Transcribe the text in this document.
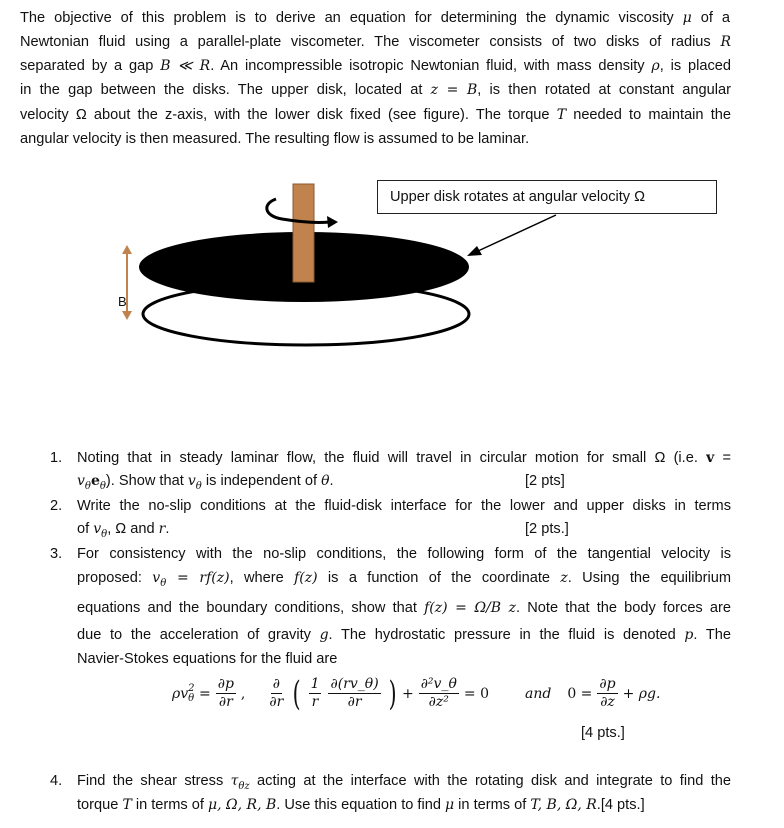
The objective of this problem is to derive an equation for determining the dynamic viscosity μ of a
Newtonian fluid using a parallel-plate viscometer. The viscometer consists of two disks of radius R
separated by a gap B ≪ R. An incompressible isotropic Newtonian fluid, with mass density ρ, is placed
in the gap between the disks. The upper disk, located at z = B, is then rotated at constant angular
velocity Ω about the z-axis, with the lower disk fixed (see figure). The torque T needed to maintain the
angular velocity is then measured. The resulting flow is assumed to be laminar.
Upper disk rotates at angular velocity Ω
B
1. Noting that in steady laminar flow, the fluid will travel in circular motion for small Ω (i.e. v =
$v_\theta e_\theta$). Show that $v_\theta$ is independent of θ.	[2 pts]
2. Write the no-slip conditions at the fluid-disk interface for the lower and upper disks in terms
of $v_\theta$, Ω and r.	[2 pts.]
3. For consistency with the no-slip conditions, the following form of the tangential velocity is
proposed: $v_\theta = rf(z)$, where f(z) is a function of the coordinate z. Using the equilibrium
equations and the boundary conditions, show that f(z) = Ω/B z. Note that the body forces are
due to the acceleration of gravity g. The hydrostatic pressure in the fluid is denoted p. The
Navier-Stokes equations for the fluid are
ρv 2
$\theta = \frac{\partial p}{\partial r}$ , $\frac{\partial}{\partial r}$ ( $\frac{1}{r} \frac{\partial(rv\_\theta)}{\partial r}$ ) + $\frac{\text{∂²v\_θ}}{\text{∂z²}} = 0$	and $0 = \frac{\partial p}{\partial z} + \rho g$.
[4 pts.]
4. Find the shear stress $\tau_{\theta z}$ acting at the interface with the rotating disk and integrate to find the
torque T in terms of μ, Ω, R, B. Use this equation to find μ in terms of T, B, Ω, R.[4 pts.]
